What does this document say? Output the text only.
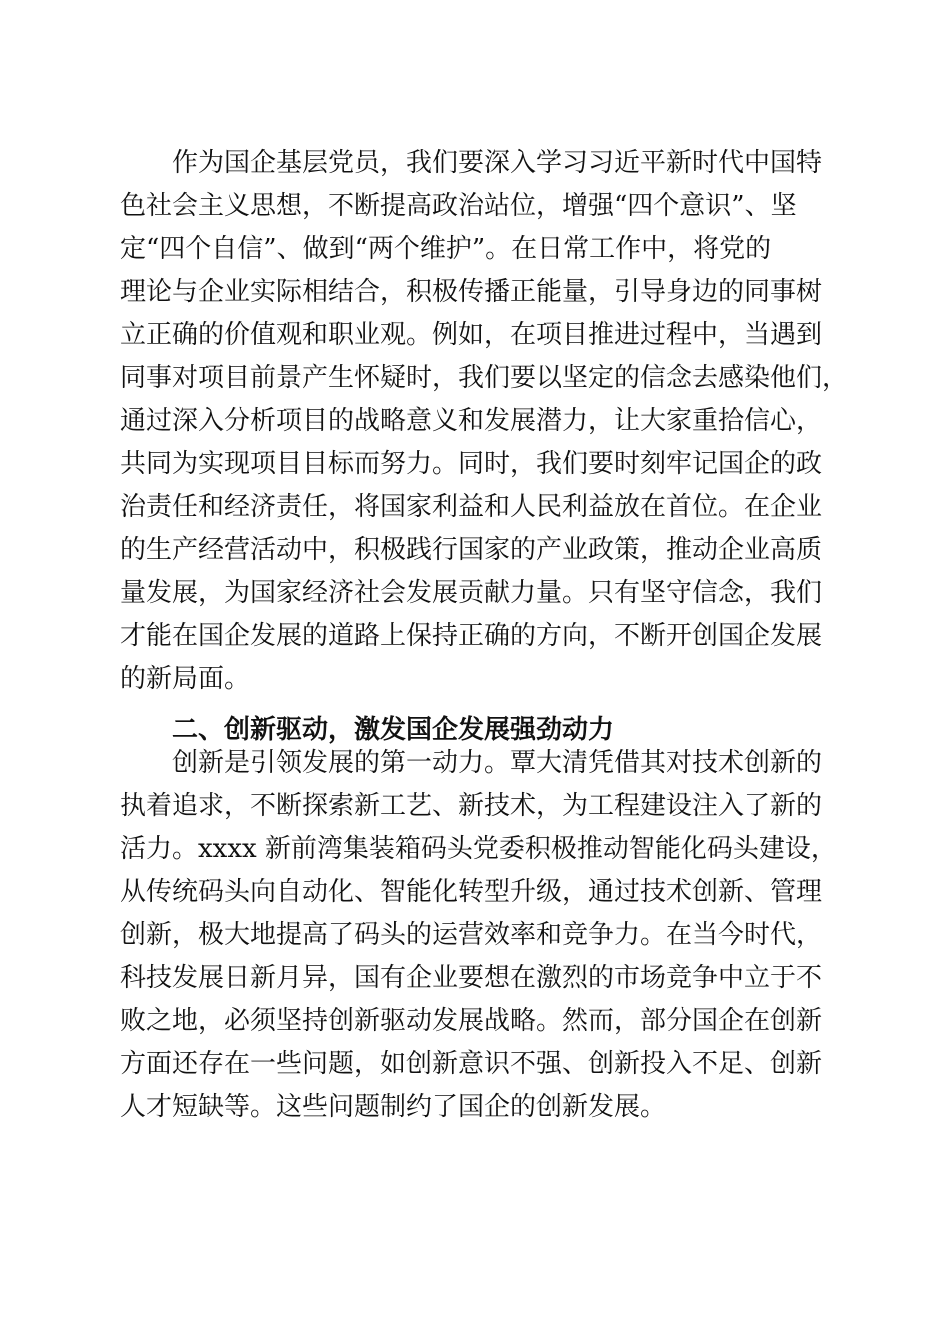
作为国企基层党员，我们要深入学习习近平新时代中国特
色社会主义思想，不断提高政治站位，增强“四个意识”、坚
定“四个自信”、做到“两个维护”。在日常工作中，将党的
理论与企业实际相结合，积极传播正能量，引导身边的同事树
立正确的价值观和职业观。例如，在项目推进过程中，当遇到
同事对项目前景产生怀疑时，我们要以坚定的信念去感染他们，
通过深入分析项目的战略意义和发展潜力，让大家重拾信心，
共同为实现项目目标而努力。同时，我们要时刻牢记国企的政
治责任和经济责任，将国家利益和人民利益放在首位。在企业
的生产经营活动中，积极践行国家的产业政策，推动企业高质
量发展，为国家经济社会发展贡献力量。只有坚守信念，我们
才能在国企发展的道路上保持正确的方向，不断开创国企发展
的新局面。
二、创新驱动，激发国企发展强劲动力
创新是引领发展的第一动力。覃大清凭借其对技术创新的
执着追求，不断探索新工艺、新技术，为工程建设注入了新的
活力。xxxx 新前湾集装箱码头党委积极推动智能化码头建设，
从传统码头向自动化、智能化转型升级，通过技术创新、管理
创新，极大地提高了码头的运营效率和竞争力。在当今时代，
科技发展日新月异，国有企业要想在激烈的市场竞争中立于不
败之地，必须坚持创新驱动发展战略。然而，部分国企在创新
方面还存在一些问题，如创新意识不强、创新投入不足、创新
人才短缺等。这些问题制约了国企的创新发展。
